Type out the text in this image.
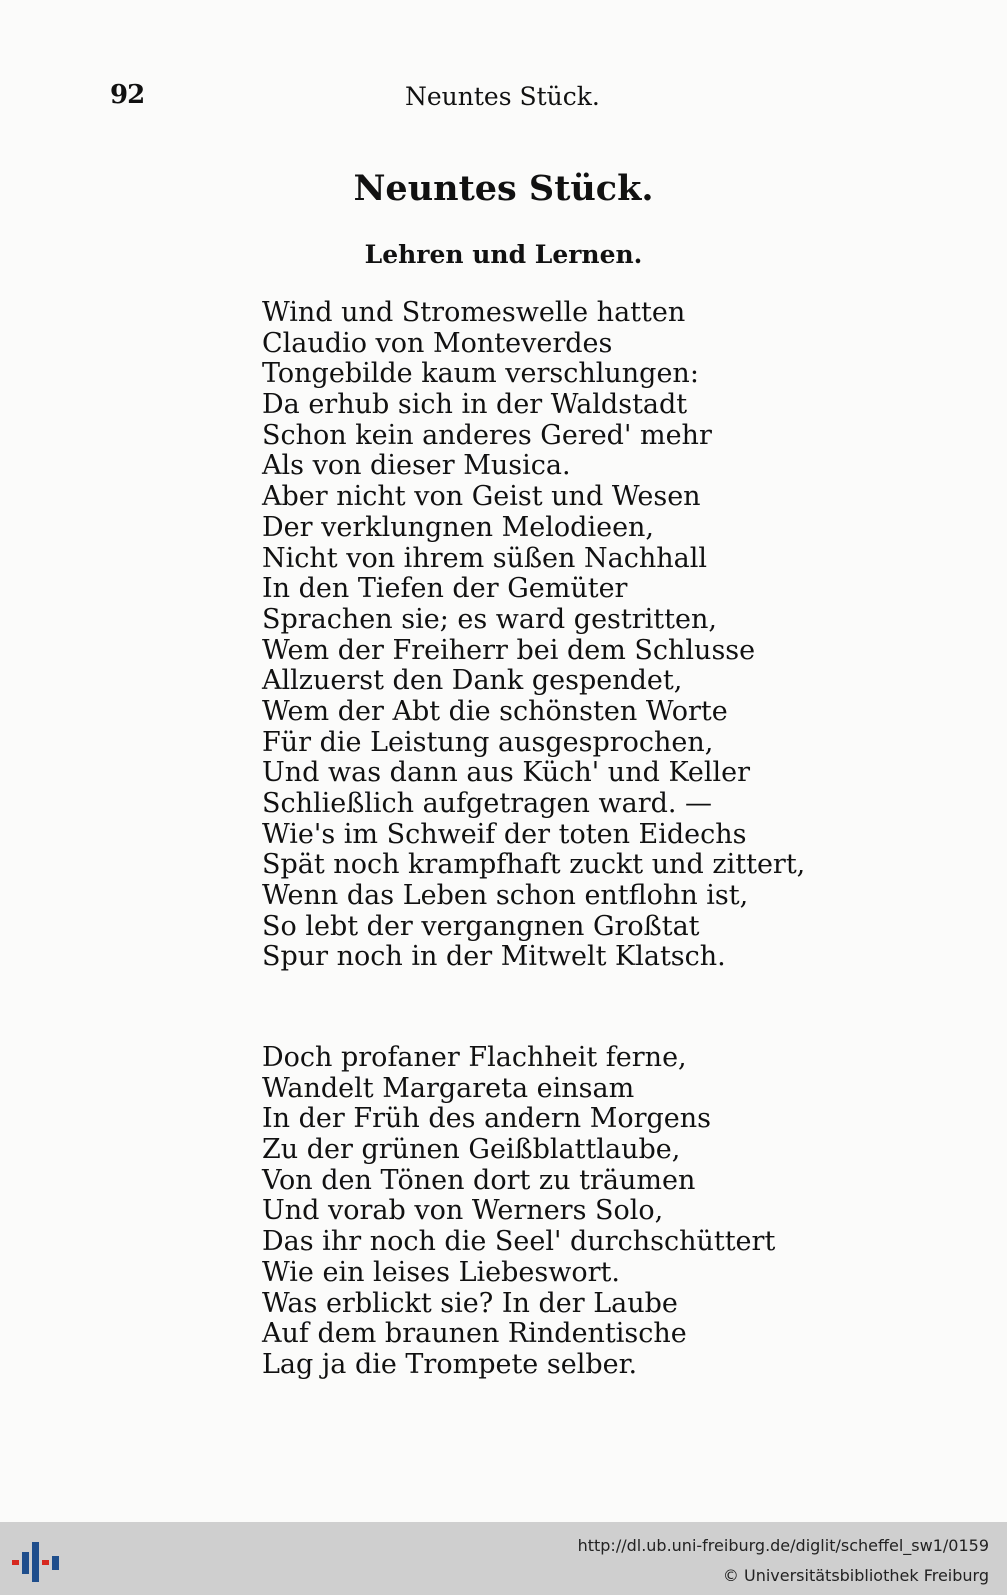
92	Neuntes Stück.
Neuntes Stück.
Lehren und Lernen.
Wind und Stromeswelle hatten
Claudio von Monteverdes
Tongebilde kaum verschlungen:
Da erhub sich in der Waldstadt
Schon kein anderes Gered' mehr
Als von dieser Musica.
Aber nicht von Geist und Wesen
Der verklungnen Melodieen,
Nicht von ihrem süßen Nachhall
In den Tiefen der Gemüter
Sprachen sie; es ward gestritten,
Wem der Freiherr bei dem Schlusse
Allzuerst den Dank gespendet,
Wem der Abt die schönsten Worte
Für die Leistung ausgesprochen,
Und was dann aus Küch' und Keller
Schließlich aufgetragen ward. —
Wie's im Schweif der toten Eidechs
Spät noch krampfhaft zuckt und zittert,
Wenn das Leben schon entflohn ist,
So lebt der vergangnen Großtat
Spur noch in der Mitwelt Klatsch.
Doch profaner Flachheit ferne,
Wandelt Margareta einsam
In der Früh des andern Morgens
Zu der grünen Geißblattlaube,
Von den Tönen dort zu träumen
Und vorab von Werners Solo,
Das ihr noch die Seel' durchschüttert
Wie ein leises Liebeswort.
Was erblickt sie? In der Laube
Auf dem braunen Rindentische
Lag ja die Trompete selber.
http://dl.ub.uni-freiburg.de/diglit/scheffel_sw1/0159
© Universitätsbibliothek Freiburg
